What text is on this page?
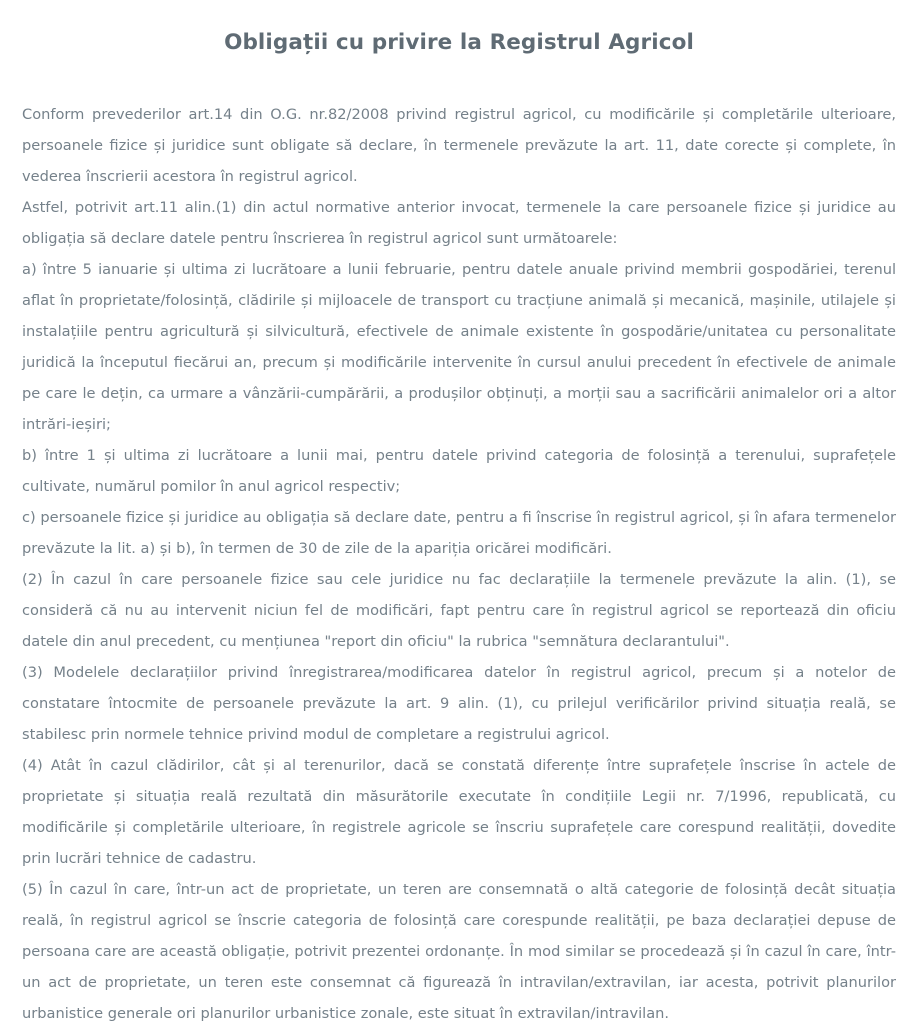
Obligații cu privire la Registrul Agricol

Conform prevederilor art.14 din O.G. nr.82/2008 privind registrul agricol, cu modificările și completările ulterioare, persoanele fizice și juridice sunt obligate să declare, în termenele prevăzute la art. 11, date corecte și complete, în vederea înscrierii acestora în registrul agricol.

Astfel, potrivit art.11 alin.(1) din actul normative anterior invocat, termenele la care persoanele fizice și juridice au obligația să declare datele pentru înscrierea în registrul agricol sunt următoarele:

a) între 5 ianuarie și ultima zi lucrătoare a lunii februarie, pentru datele anuale privind membrii gospodăriei, terenul aflat în proprietate/folosință, clădirile și mijloacele de transport cu tracțiune animală și mecanică, mașinile, utilajele și instalațiile pentru agricultură și silvicultură, efectivele de animale existente în gospodărie/unitatea cu personalitate juridică la începutul fiecărui an, precum și modificările intervenite în cursul anului precedent în efectivele de animale pe care le dețin, ca urmare a vânzării-cumpărării, a produșilor obținuți, a morții sau a sacrificării animalelor ori a altor intrări-ieșiri;

b) între 1 și ultima zi lucrătoare a lunii mai, pentru datele privind categoria de folosință a terenului, suprafețele cultivate, numărul pomilor în anul agricol respectiv;

c) persoanele fizice și juridice au obligația să declare date, pentru a fi înscrise în registrul agricol, și în afara termenelor prevăzute la lit. a) și b), în termen de 30 de zile de la apariția oricărei modificări.

(2) În cazul în care persoanele fizice sau cele juridice nu fac declarațiile la termenele prevăzute la alin. (1), se consideră că nu au intervenit niciun fel de modificări, fapt pentru care în registrul agricol se reportează din oficiu datele din anul precedent, cu mențiunea "report din oficiu" la rubrica "semnătura declarantului".

(3) Modelele declarațiilor privind înregistrarea/modificarea datelor în registrul agricol, precum și a notelor de constatare întocmite de persoanele prevăzute la art. 9 alin. (1), cu prilejul verificărilor privind situația reală, se stabilesc prin normele tehnice privind modul de completare a registrului agricol.

(4) Atât în cazul clădirilor, cât și al terenurilor, dacă se constată diferențe între suprafețele înscrise în actele de proprietate și situația reală rezultată din măsurătorile executate în condițiile Legii nr. 7/1996, republicată, cu modificările și completările ulterioare, în registrele agricole se înscriu suprafețele care corespund realității, dovedite prin lucrări tehnice de cadastru.

(5) În cazul în care, într-un act de proprietate, un teren are consemnată o altă categorie de folosință decât situația reală, în registrul agricol se înscrie categoria de folosință care corespunde realității, pe baza declarației depuse de persoana care are această obligație, potrivit prezentei ordonanțe. În mod similar se procedează și în cazul în care, într-un act de proprietate, un teren este consemnat că figurează în intravilan/extravilan, iar acesta, potrivit planurilor urbanistice generale ori planurilor urbanistice zonale, este situat în extravilan/intravilan.
